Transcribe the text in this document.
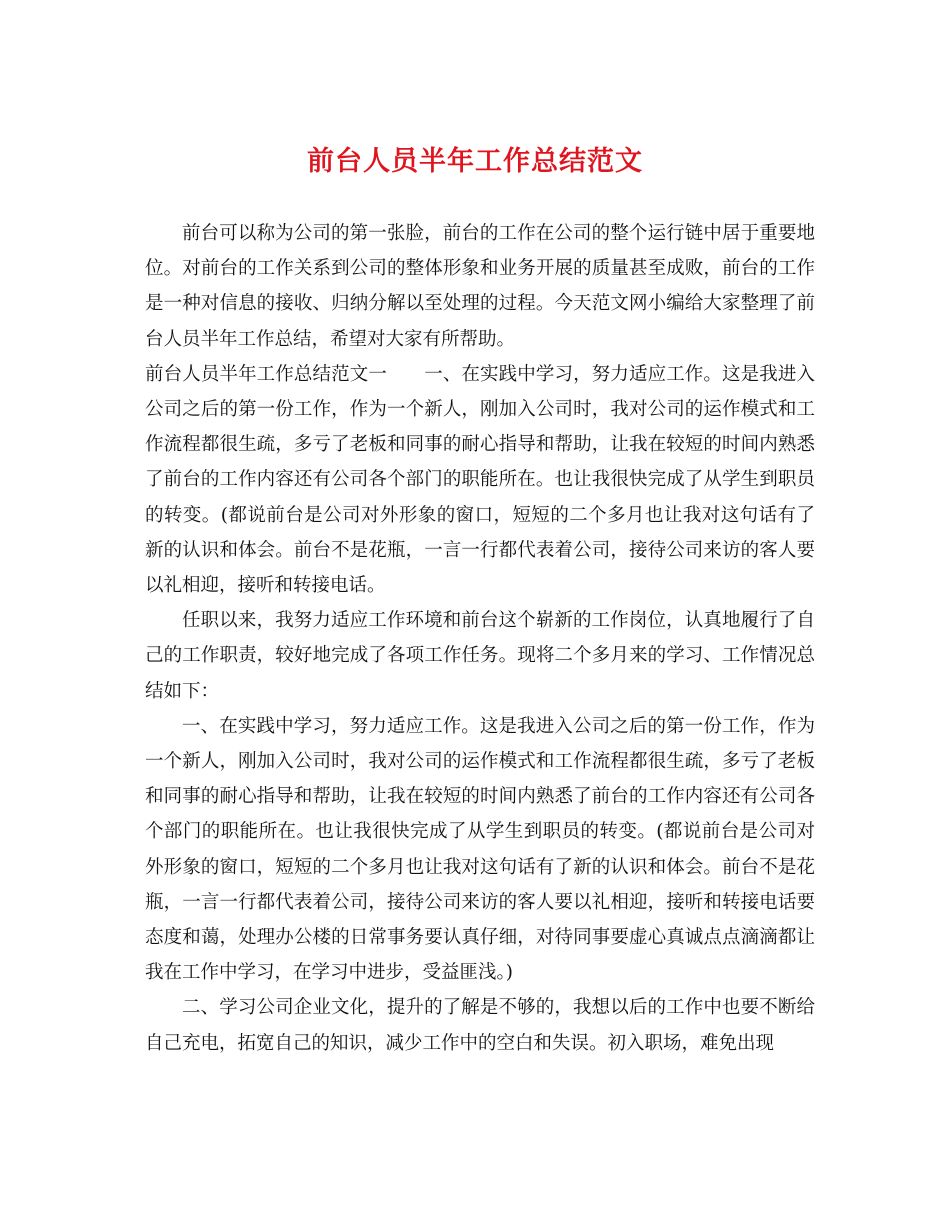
前台人员半年工作总结范文

前台可以称为公司的第一张脸，前台的工作在公司的整个运行链中居于重要地位。对前台的工作关系到公司的整体形象和业务开展的质量甚至成败，前台的工作是一种对信息的接收、归纳分解以至处理的过程。今天范文网小编给大家整理了前台人员半年工作总结，希望对大家有所帮助。

前台人员半年工作总结范文一　　一、在实践中学习，努力适应工作。这是我进入公司之后的第一份工作，作为一个新人，刚加入公司时，我对公司的运作模式和工作流程都很生疏，多亏了老板和同事的耐心指导和帮助，让我在较短的时间内熟悉了前台的工作内容还有公司各个部门的职能所在。也让我很快完成了从学生到职员的转变。(都说前台是公司对外形象的窗口，短短的二个多月也让我对这句话有了新的认识和体会。前台不是花瓶，一言一行都代表着公司，接待公司来访的客人要以礼相迎，接听和转接电话。

任职以来，我努力适应工作环境和前台这个崭新的工作岗位，认真地履行了自己的工作职责，较好地完成了各项工作任务。现将二个多月来的学习、工作情况总结如下：

一、在实践中学习，努力适应工作。这是我进入公司之后的第一份工作，作为一个新人，刚加入公司时，我对公司的运作模式和工作流程都很生疏，多亏了老板和同事的耐心指导和帮助，让我在较短的时间内熟悉了前台的工作内容还有公司各个部门的职能所在。也让我很快完成了从学生到职员的转变。(都说前台是公司对外形象的窗口，短短的二个多月也让我对这句话有了新的认识和体会。前台不是花瓶，一言一行都代表着公司，接待公司来访的客人要以礼相迎，接听和转接电话要态度和蔼，处理办公楼的日常事务要认真仔细，对待同事要虚心真诚点点滴滴都让我在工作中学习，在学习中进步，受益匪浅。)

二、学习公司企业文化，提升的了解是不够的，我想以后的工作中也要不断给自己充电，拓宽自己的知识，减少工作中的空白和失误。初入职场，难免出现
